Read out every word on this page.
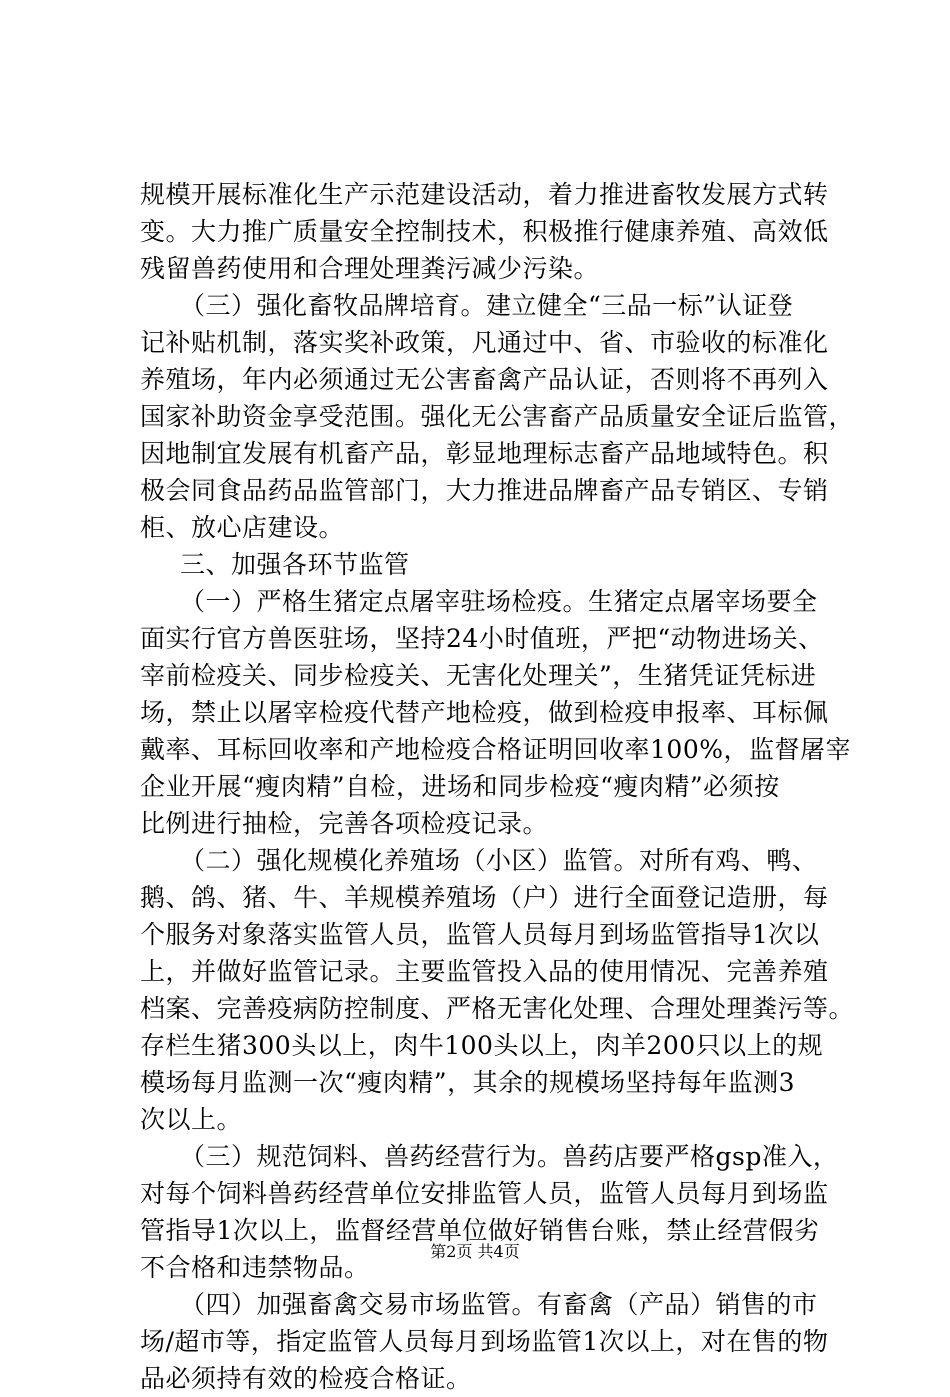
规模开展标准化生产示范建设活动，着力推进畜牧发展方式转
变。大力推广质量安全控制技术，积极推行健康养殖、高效低
残留兽药使用和合理处理粪污减少污染。
（三）强化畜牧品牌培育。建立健全“三品一标”认证登
记补贴机制，落实奖补政策，凡通过中、省、市验收的标准化
养殖场，年内必须通过无公害畜禽产品认证，否则将不再列入
国家补助资金享受范围。强化无公害畜产品质量安全证后监管，
因地制宜发展有机畜产品，彰显地理标志畜产品地域特色。积
极会同食品药品监管部门，大力推进品牌畜产品专销区、专销
柜、放心店建设。
三、加强各环节监管
（一）严格生猪定点屠宰驻场检疫。生猪定点屠宰场要全
面实行官方兽医驻场，坚持24小时值班，严把“动物进场关、
宰前检疫关、同步检疫关、无害化处理关”，生猪凭证凭标进
场，禁止以屠宰检疫代替产地检疫，做到检疫申报率、耳标佩
戴率、耳标回收率和产地检疫合格证明回收率100%，监督屠宰
企业开展“瘦肉精”自检，进场和同步检疫“瘦肉精”必须按
比例进行抽检，完善各项检疫记录。
（二）强化规模化养殖场（小区）监管。对所有鸡、鸭、
鹅、鸽、猪、牛、羊规模养殖场（户）进行全面登记造册，每
个服务对象落实监管人员，监管人员每月到场监管指导1次以
上，并做好监管记录。主要监管投入品的使用情况、完善养殖
档案、完善疫病防控制度、严格无害化处理、合理处理粪污等。
存栏生猪300头以上，肉牛100头以上，肉羊200只以上的规
模场每月监测一次“瘦肉精”，其余的规模场坚持每年监测3
次以上。
（三）规范饲料、兽药经营行为。兽药店要严格gsp准入，
对每个饲料兽药经营单位安排监管人员，监管人员每月到场监
管指导1次以上，监督经营单位做好销售台账，禁止经营假劣
不合格和违禁物品。
（四）加强畜禽交易市场监管。有畜禽（产品）销售的市
场/超市等，指定监管人员每月到场监管1次以上，对在售的物
品必须持有效的检疫合格证。
第2页 共4页
